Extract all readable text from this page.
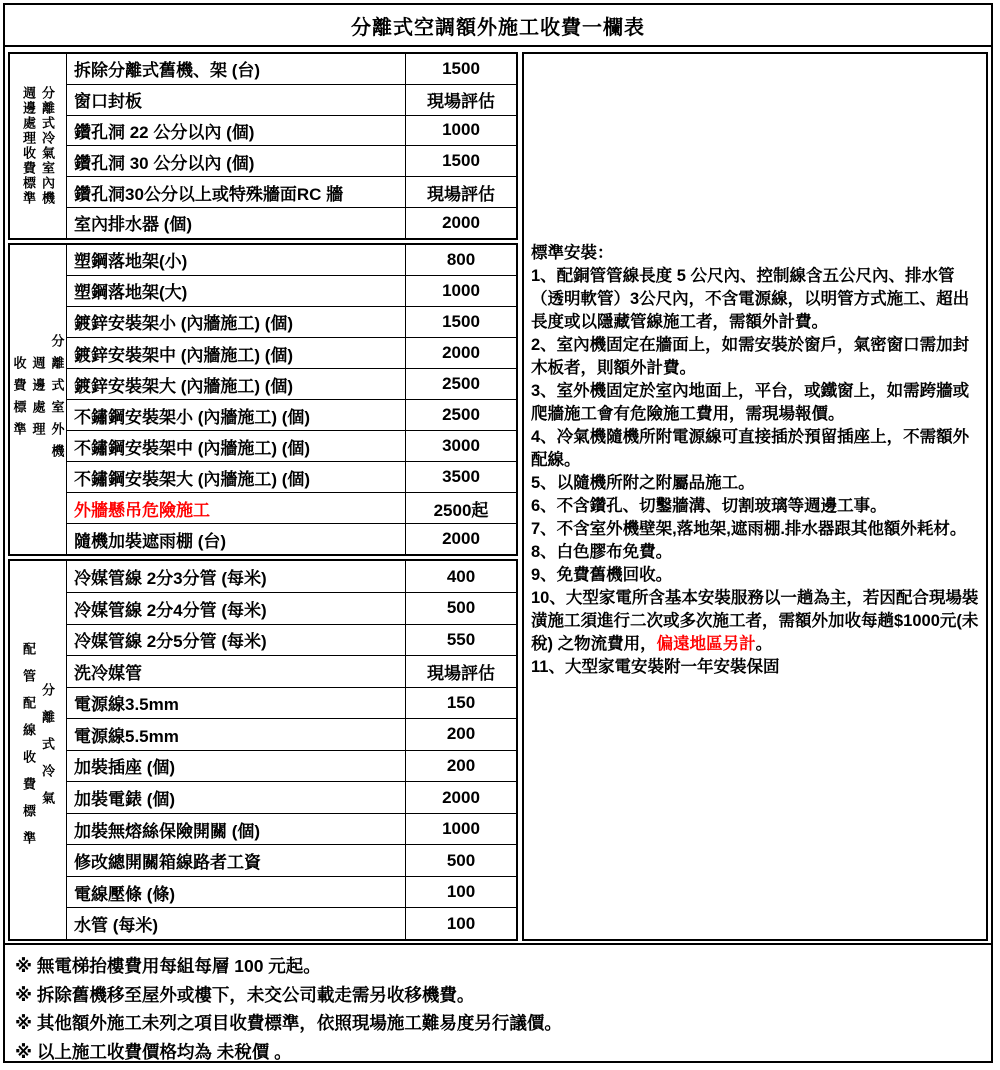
分離式空調額外施工收費一欄表
週邊處理收費標準 分離式冷氣室內機
拆除分離式舊機、架 (台)	1500
窗口封板	現場評估
鑽孔洞 22 公分以內 (個)	1000
鑽孔洞 30 公分以內 (個)	1500
鑽孔洞30公分以上或特殊牆面RC 牆	現場評估
室內排水器 (個)	2000
收費標準 週邊處理 分離式室外機
塑鋼落地架(小)	800
塑鋼落地架(大)	1000
鍍鋅安裝架小 (內牆施工) (個)	1500
鍍鋅安裝架中 (內牆施工) (個)	2000
鍍鋅安裝架大 (內牆施工) (個)	2500
不鏽鋼安裝架小 (內牆施工) (個)	2500
不鏽鋼安裝架中 (內牆施工) (個)	3000
不鏽鋼安裝架大 (內牆施工) (個)	3500
外牆懸吊危險施工	2500起
隨機加裝遮雨棚 (台)	2000
配管配線收費標準 分離式冷氣
冷媒管線 2分3分管 (每米)	400
冷媒管線 2分4分管 (每米)	500
冷媒管線 2分5分管 (每米)	550
洗冷媒管	現場評估
電源線3.5mm	150
電源線5.5mm	200
加裝插座 (個)	200
加裝電錶 (個)	2000
加裝無熔絲保險開關 (個)	1000
修改總開關箱線路者工資	500
電線壓條 (條)	100
水管 (每米)	100
標準安裝：
1、配銅管管線長度 5 公尺內、控制線含五公尺內、排水管（透明軟管）3公尺內，不含電源線，以明管方式施工、超出長度或以隱藏管線施工者，需額外計費。
2、室內機固定在牆面上，如需安裝於窗戶，氣密窗口需加封木板者，則額外計費。
3、室外機固定於室內地面上，平台，或鐵窗上，如需跨牆或爬牆施工會有危險施工費用，需現場報價。
4、冷氣機隨機所附電源線可直接插於預留插座上，不需額外配線。
5、以隨機所附之附屬品施工。
6、不含鑽孔、切鑿牆溝、切割玻璃等週邊工事。
7、不含室外機壁架,落地架,遮雨棚.排水器跟其他額外耗材。
8、白色膠布免費。
9、免費舊機回收。
10、大型家電所含基本安裝服務以一趟為主，若因配合現場裝潢施工須進行二次或多次施工者，需額外加收每趟$1000元(未稅) 之物流費用，偏遠地區另計。
11、大型家電安裝附一年安裝保固
※ 無電梯抬樓費用每組每層 100 元起。
※ 拆除舊機移至屋外或樓下，未交公司載走需另收移機費。
※ 其他額外施工未列之項目收費標準，依照現場施工難易度另行議價。
※ 以上施工收費價格均為 未稅價 。
